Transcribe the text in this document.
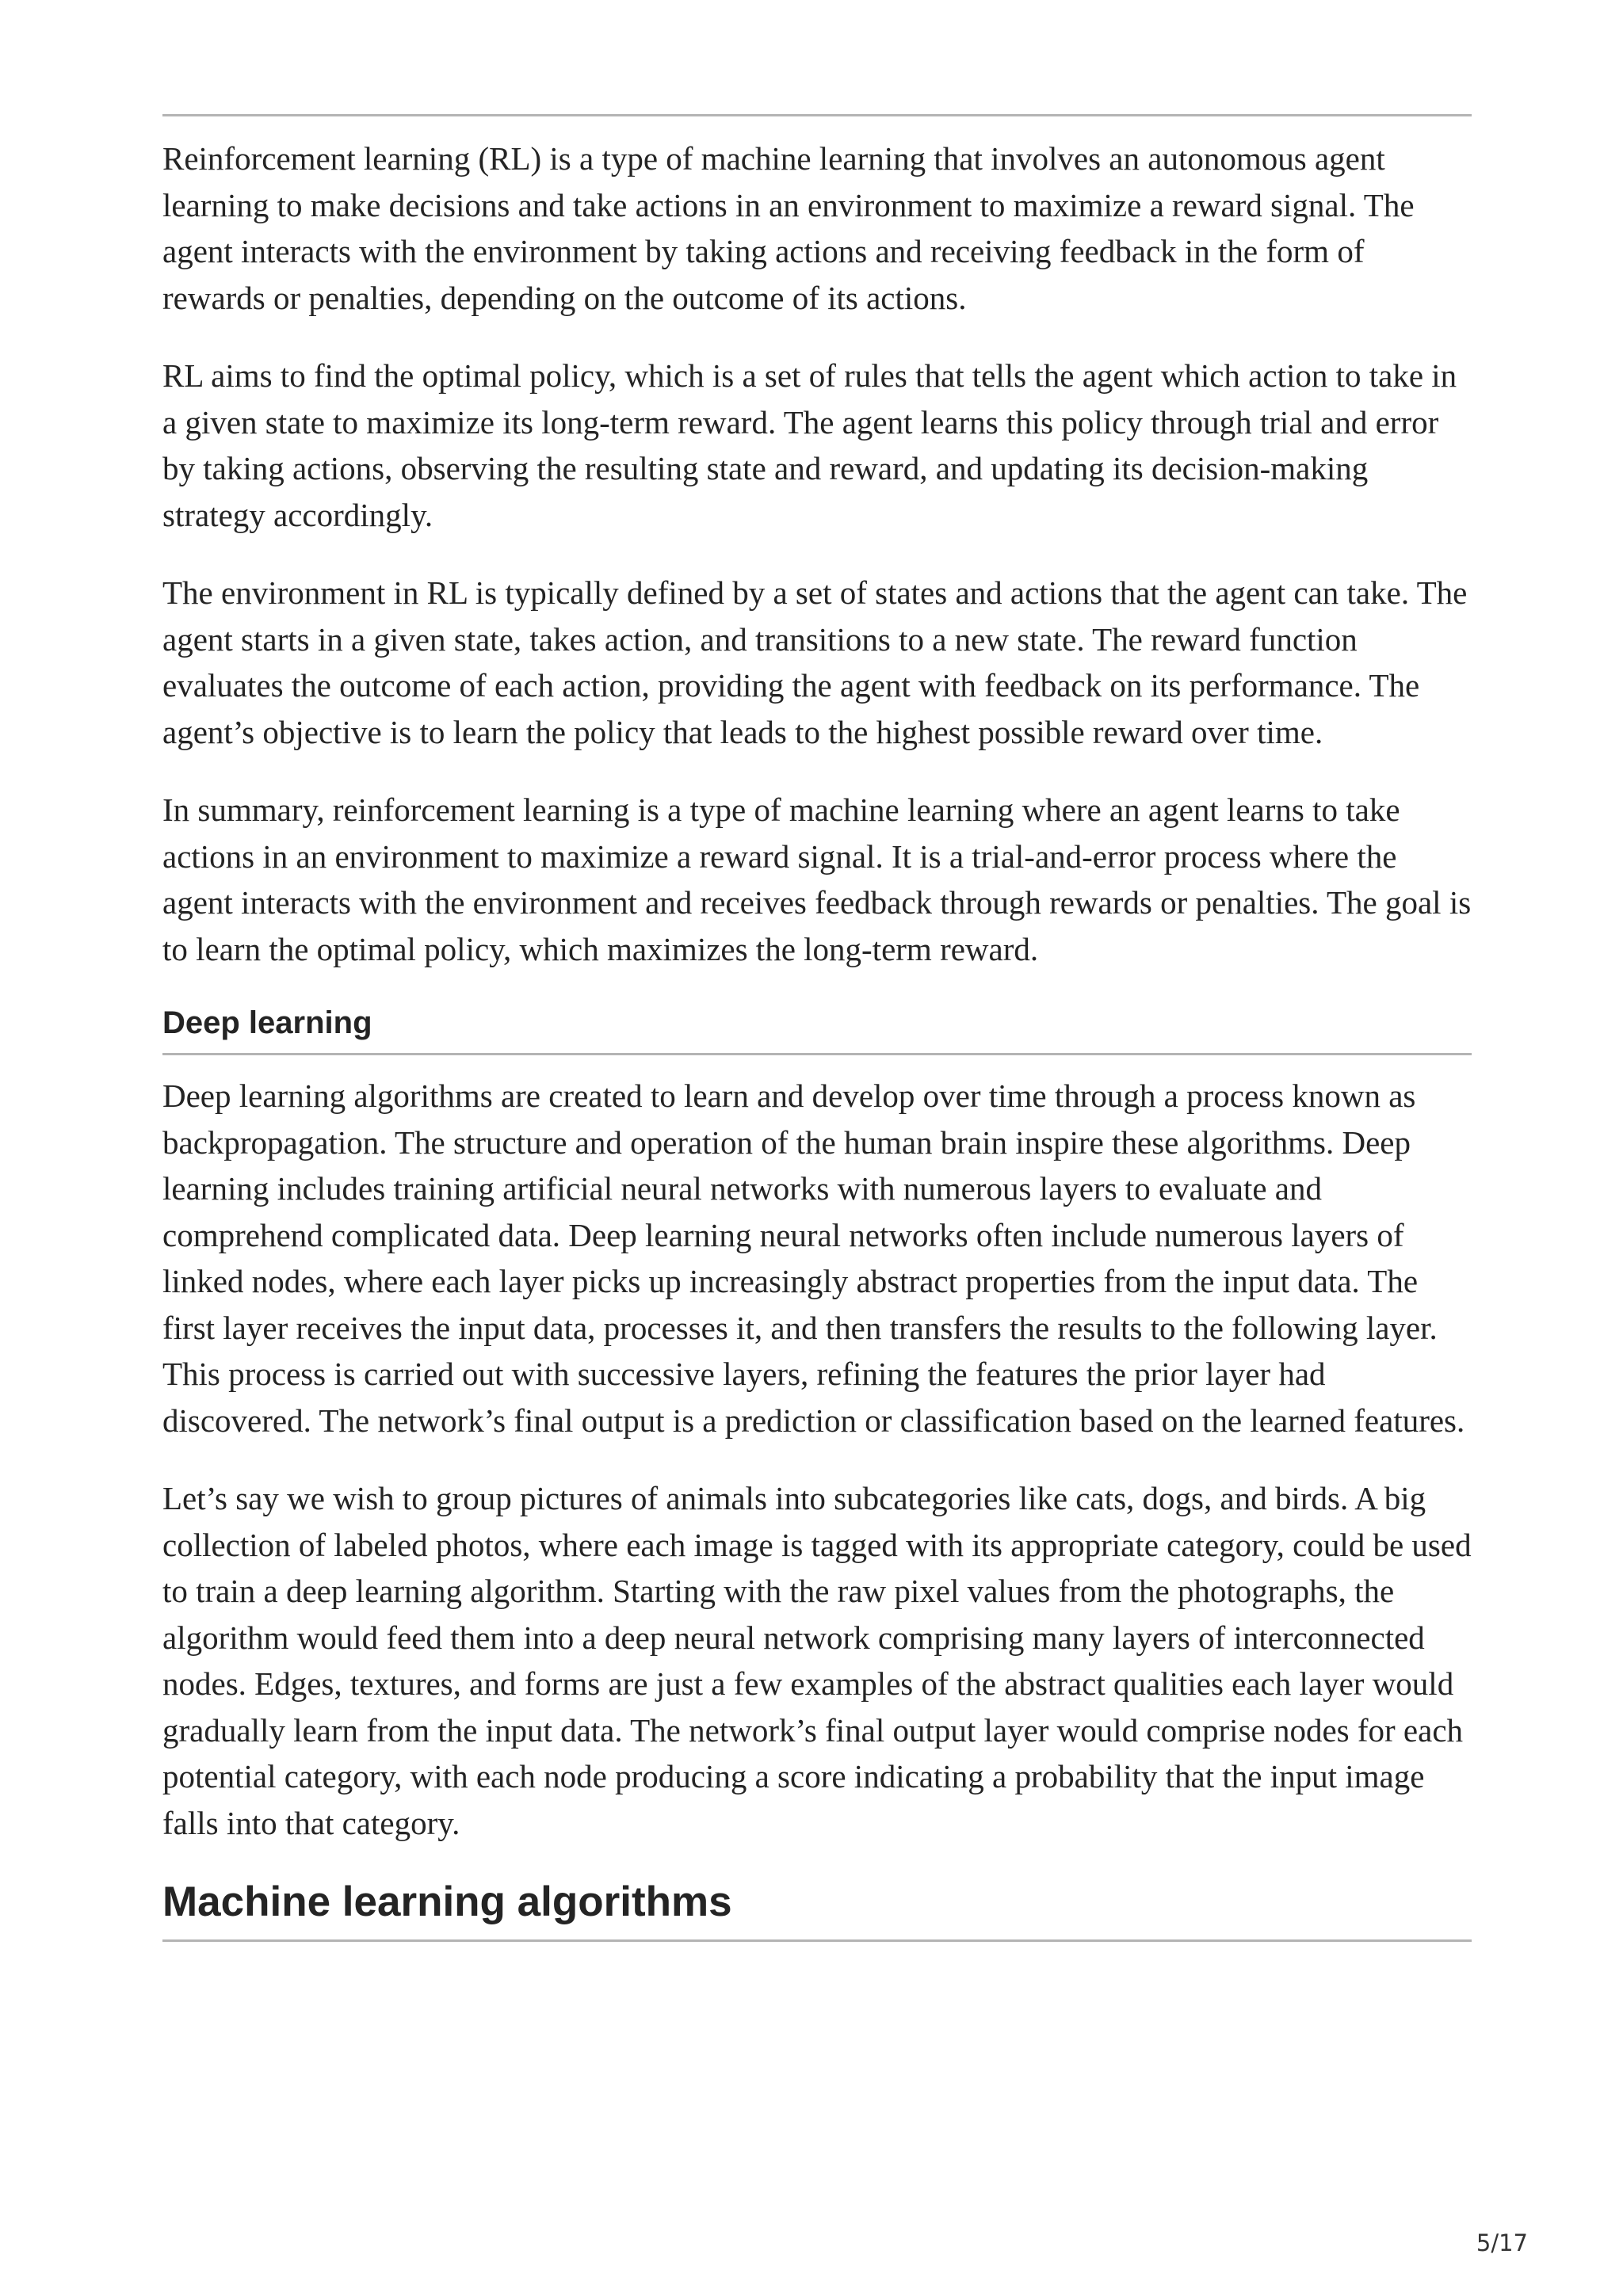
Reinforcement learning (RL) is a type of machine learning that involves an autonomous agent learning to make decisions and take actions in an environment to maximize a reward signal. The agent interacts with the environment by taking actions and receiving feedback in the form of rewards or penalties, depending on the outcome of its actions.

RL aims to find the optimal policy, which is a set of rules that tells the agent which action to take in a given state to maximize its long-term reward. The agent learns this policy through trial and error by taking actions, observing the resulting state and reward, and updating its decision-making strategy accordingly.

The environment in RL is typically defined by a set of states and actions that the agent can take. The agent starts in a given state, takes action, and transitions to a new state. The reward function evaluates the outcome of each action, providing the agent with feedback on its performance. The agent’s objective is to learn the policy that leads to the highest possible reward over time.

In summary, reinforcement learning is a type of machine learning where an agent learns to take actions in an environment to maximize a reward signal. It is a trial-and-error process where the agent interacts with the environment and receives feedback through rewards or penalties. The goal is to learn the optimal policy, which maximizes the long-term reward.

Deep learning

Deep learning algorithms are created to learn and develop over time through a process known as backpropagation. The structure and operation of the human brain inspire these algorithms. Deep learning includes training artificial neural networks with numerous layers to evaluate and comprehend complicated data. Deep learning neural networks often include numerous layers of linked nodes, where each layer picks up increasingly abstract properties from the input data. The first layer receives the input data, processes it, and then transfers the results to the following layer. This process is carried out with successive layers, refining the features the prior layer had discovered. The network’s final output is a prediction or classification based on the learned features.

Let’s say we wish to group pictures of animals into subcategories like cats, dogs, and birds. A big collection of labeled photos, where each image is tagged with its appropriate category, could be used to train a deep learning algorithm. Starting with the raw pixel values from the photographs, the algorithm would feed them into a deep neural network comprising many layers of interconnected nodes. Edges, textures, and forms are just a few examples of the abstract qualities each layer would gradually learn from the input data. The network’s final output layer would comprise nodes for each potential category, with each node producing a score indicating a probability that the input image falls into that category.

Machine learning algorithms
5/17
